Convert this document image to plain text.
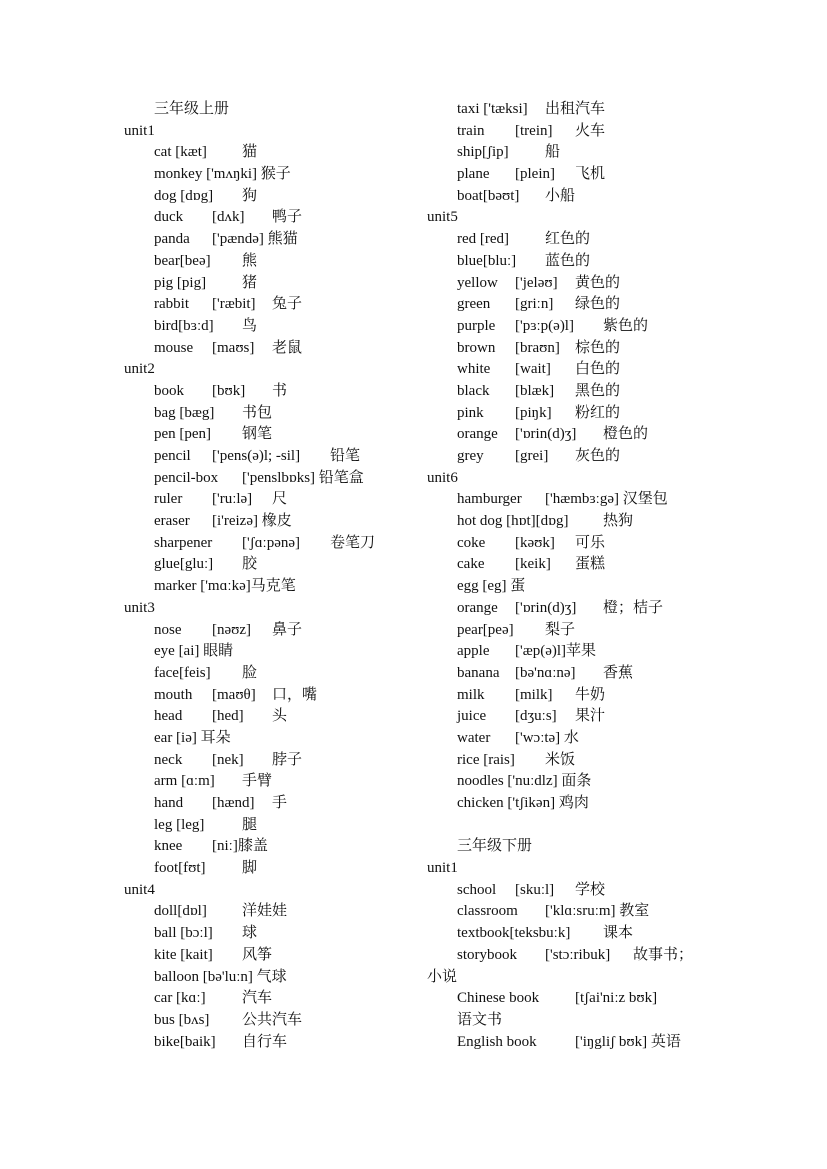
三年级上册
unit1
cat [kæt] 猫
monkey ['mʌŋki] 猴子
dog [dɒg] 狗
duck [dʌk] 鸭子
panda ['pændə] 熊猫
bear[beə] 熊
pig [pig] 猪
rabbit ['ræbit] 兔子
bird[bɜːd] 鸟
mouse [maʊs] 老鼠
unit2
book [bʊk] 书
bag [bæg] 书包
pen [pen] 钢笔
pencil ['pens(ə)l; -sil] 铅笔
pencil-box ['penslbɒks] 铅笔盒
ruler ['ruːlə] 尺
eraser [i'reizə] 橡皮
sharpener ['ʃɑːpənə] 卷笔刀
glue[gluː] 胶
marker ['mɑːkə]马克笔
unit3
nose [nəʊz] 鼻子
eye [ai] 眼睛
face[feis] 脸
mouth [maʊθ] 口，嘴
head [hed] 头
ear [iə] 耳朵
neck [nek] 脖子
arm [ɑːm] 手臂
hand [hænd] 手
leg [leg]	腿
knee [niː]膝盖
foot[fʊt] 脚
unit4
doll[dɒl] 洋娃娃
ball [bɔːl] 球
kite [kait] 风筝
balloon [bə'luːn] 气球
car [kɑː] 汽车
bus [bʌs] 公共汽车
bike[baik] 自行车
taxi ['tæksi] 出租汽车
train [trein] 火车
ship[ʃip] 船
plane [plein] 飞机
boat[bəʊt] 小船
unit5
red [red] 红色的
blue[bluː] 蓝色的
yellow ['jeləʊ] 黄色的
green [griːn] 绿色的
purple ['pɜːp(ə)l] 紫色的
brown [braʊn] 棕色的
white [wait] 白色的
black [blæk] 黑色的
pink [piŋk] 粉红的
orange ['ɒrin(d)ʒ] 橙色的
grey [grei] 灰色的
unit6
hamburger ['hæmbɜːgə] 汉堡包
hot dog [hɒt][dɒg] 热狗
coke [kəʊk] 可乐
cake [keik] 蛋糕
egg [eg] 蛋
orange ['ɒrin(d)ʒ] 橙；桔子
pear[peə] 梨子
apple ['æp(ə)l]苹果
banana [bə'nɑːnə] 香蕉
milk [milk] 牛奶
juice [dʒuːs] 果汁
water ['wɔːtə] 水
rice [rais] 米饭
noodles ['nuːdlz] 面条
chicken ['tʃikən] 鸡肉
三年级下册
unit1
school [skuːl] 学校
classroom ['klɑːsruːm] 教室
textbook[teksbuːk] 课本
storybook ['stɔːribuk] 故事书；
小说
Chinese book [tʃai'niːz bʊk]
语文书
English book	['iŋgliʃ bʊk] 英语
